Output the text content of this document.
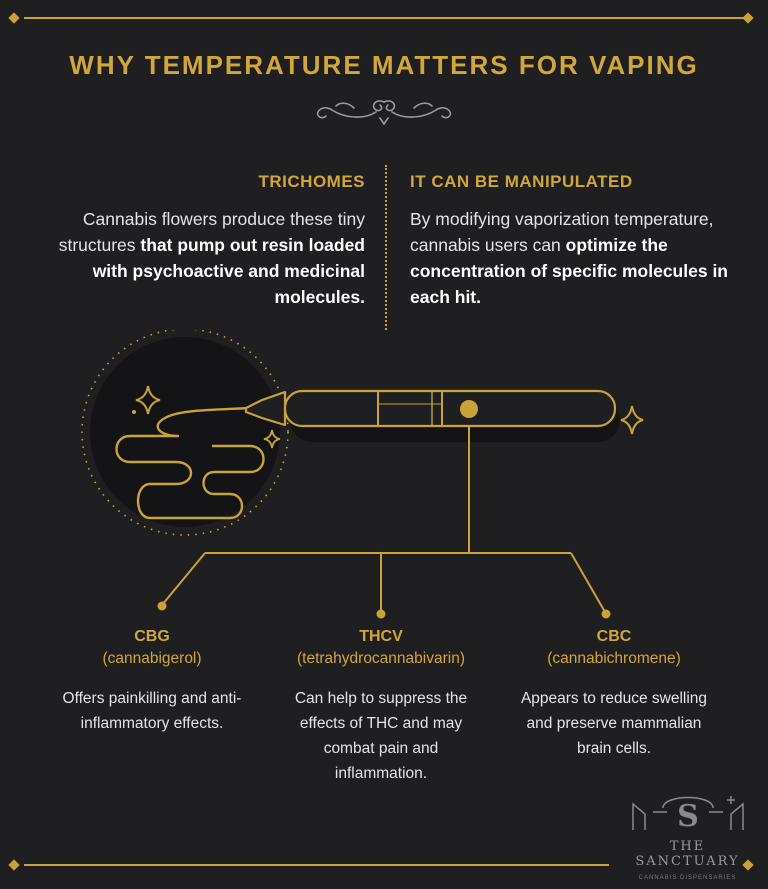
WHY TEMPERATURE MATTERS FOR VAPING
TRICHOMES
Cannabis flowers produce these tiny structures that pump out resin loaded with psychoactive and medicinal molecules.
IT CAN BE MANIPULATED
By modifying vaporization temperature, cannabis users can optimize the concentration of specific molecules in each hit.
CBG
(cannabigerol)
Offers painkilling and anti-inflammatory effects.
THCV
(tetrahydrocannabivarin)
Can help to suppress the effects of THC and may combat pain and inflammation.
CBC
(cannabichromene)
Appears to reduce swelling and preserve mammalian brain cells.
S
THE SANCTUARY
CANNABIS DISPENSARIES
